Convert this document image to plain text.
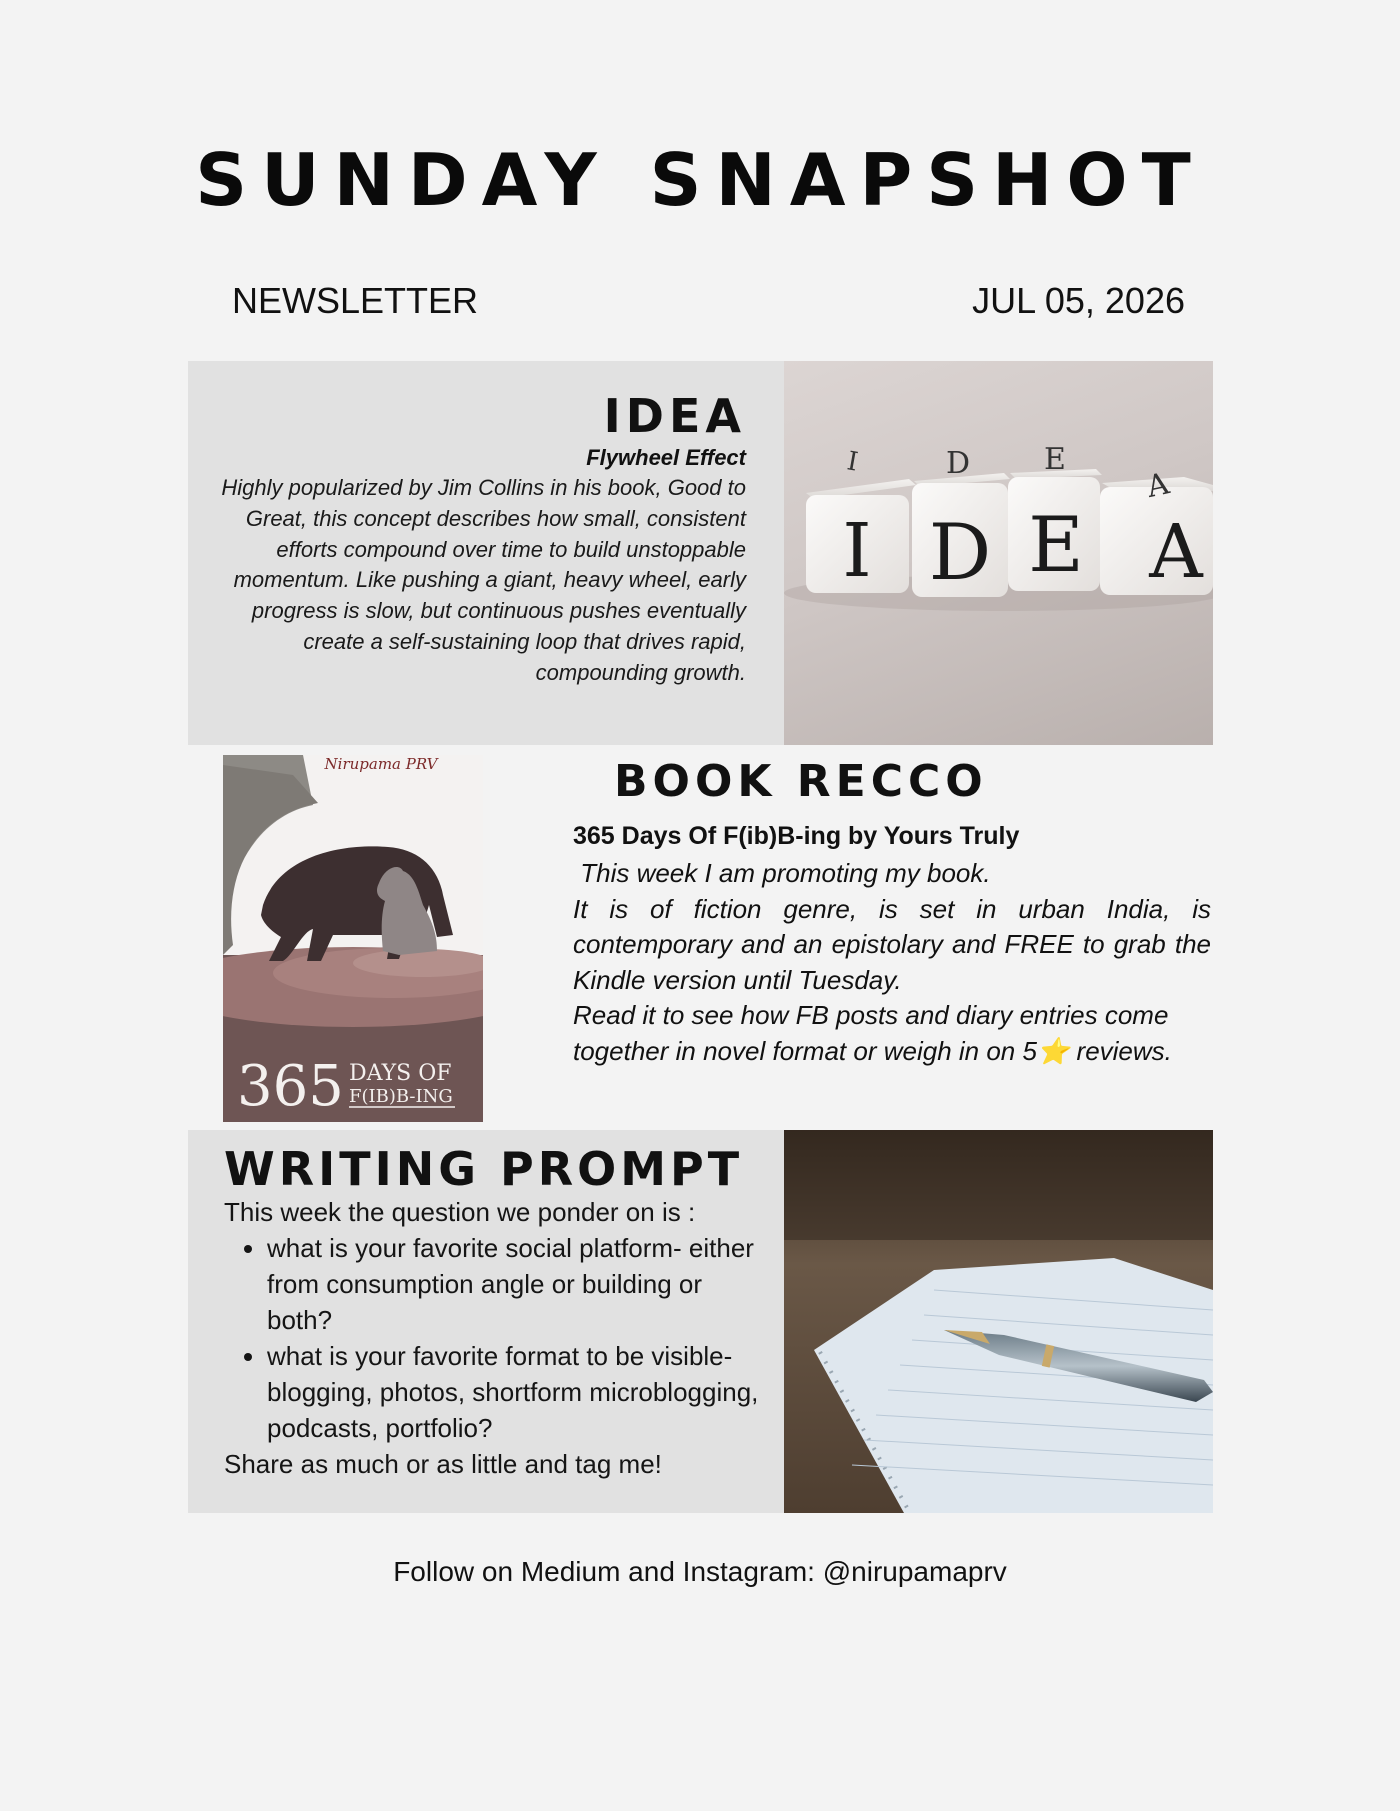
SUNDAY SNAPSHOT
NEWSLETTER	JUL 05, 2026
IDEA
Flywheel Effect
Highly popularized by Jim Collins in his book, Good to Great, this concept describes how small, consistent efforts compound over time to build unstoppable momentum. Like pushing a giant, heavy wheel, early progress is slow, but continuous pushes eventually create a self-sustaining loop that drives rapid, compounding growth.
I
I
D
D
E
E
A
A
Nirupama PRV
365 DAYS OF
F(IB)B-ING
BOOK RECCO
365 Days Of F(ib)B-ing by Yours Truly

This week I am promoting my book.

It is of fiction genre, is set in urban India, is contemporary and an epistolary and FREE to grab the Kindle version until Tuesday.

Read it to see how FB posts and diary entries come together in novel format or weigh in on 5⭐ reviews.

WRITING PROMPT
This week the question we ponder on is :
• what is your favorite social platform- either from consumption angle or building or both?
• what is your favorite format to be visible- blogging, photos, shortform microblogging, podcasts, portfolio?
Share as much or as little and tag me!
Follow on Medium and Instagram: @nirupamaprv
